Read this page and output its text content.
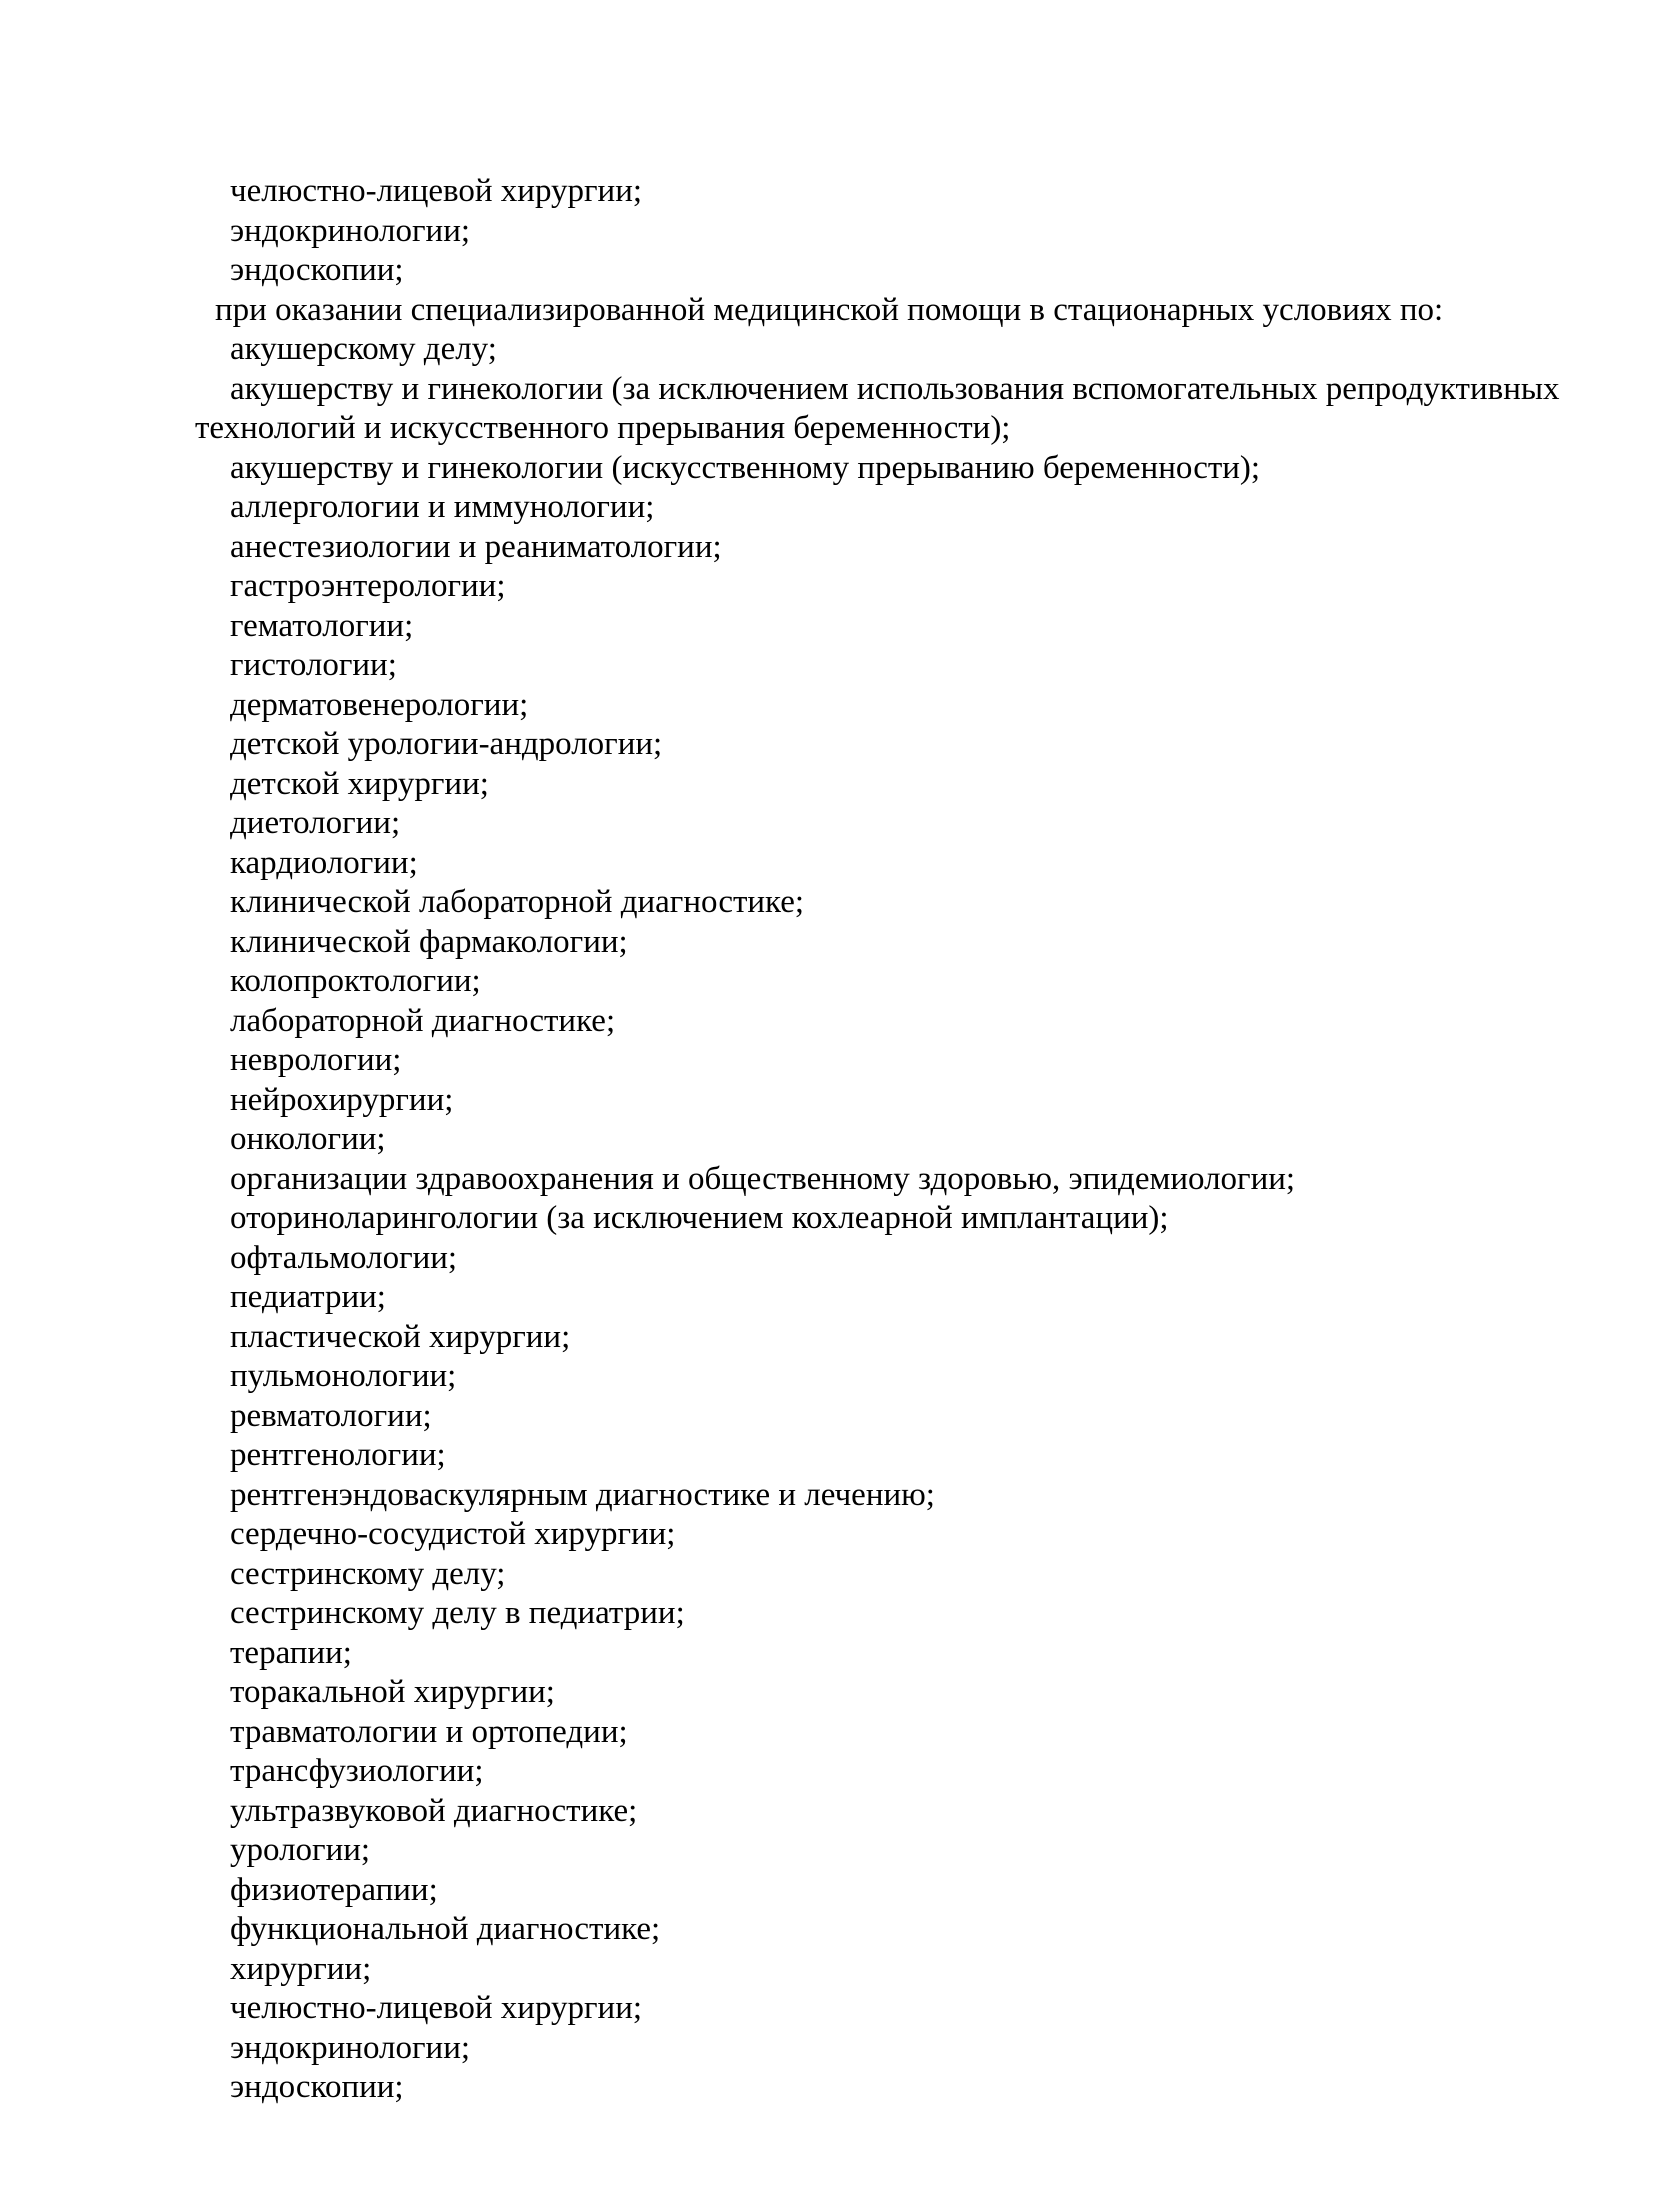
челюстно-лицевой хирургии;
эндокринологии;
эндоскопии;
при оказании специализированной медицинской помощи в стационарных условиях по:
акушерскому делу;
акушерству и гинекологии (за исключением использования вспомогательных репродуктивных
технологий и искусственного прерывания беременности);
акушерству и гинекологии (искусственному прерыванию беременности);
аллергологии и иммунологии;
анестезиологии и реаниматологии;
гастроэнтерологии;
гематологии;
гистологии;
дерматовенерологии;
детской урологии-андрологии;
детской хирургии;
диетологии;
кардиологии;
клинической лабораторной диагностике;
клинической фармакологии;
колопроктологии;
лабораторной диагностике;
неврологии;
нейрохирургии;
онкологии;
организации здравоохранения и общественному здоровью, эпидемиологии;
оториноларингологии (за исключением кохлеарной имплантации);
офтальмологии;
педиатрии;
пластической хирургии;
пульмонологии;
ревматологии;
рентгенологии;
рентгенэндоваскулярным диагностике и лечению;
сердечно-сосудистой хирургии;
сестринскому делу;
сестринскому делу в педиатрии;
терапии;
торакальной хирургии;
травматологии и ортопедии;
трансфузиологии;
ультразвуковой диагностике;
урологии;
физиотерапии;
функциональной диагностике;
хирургии;
челюстно-лицевой хирургии;
эндокринологии;
эндоскопии;
